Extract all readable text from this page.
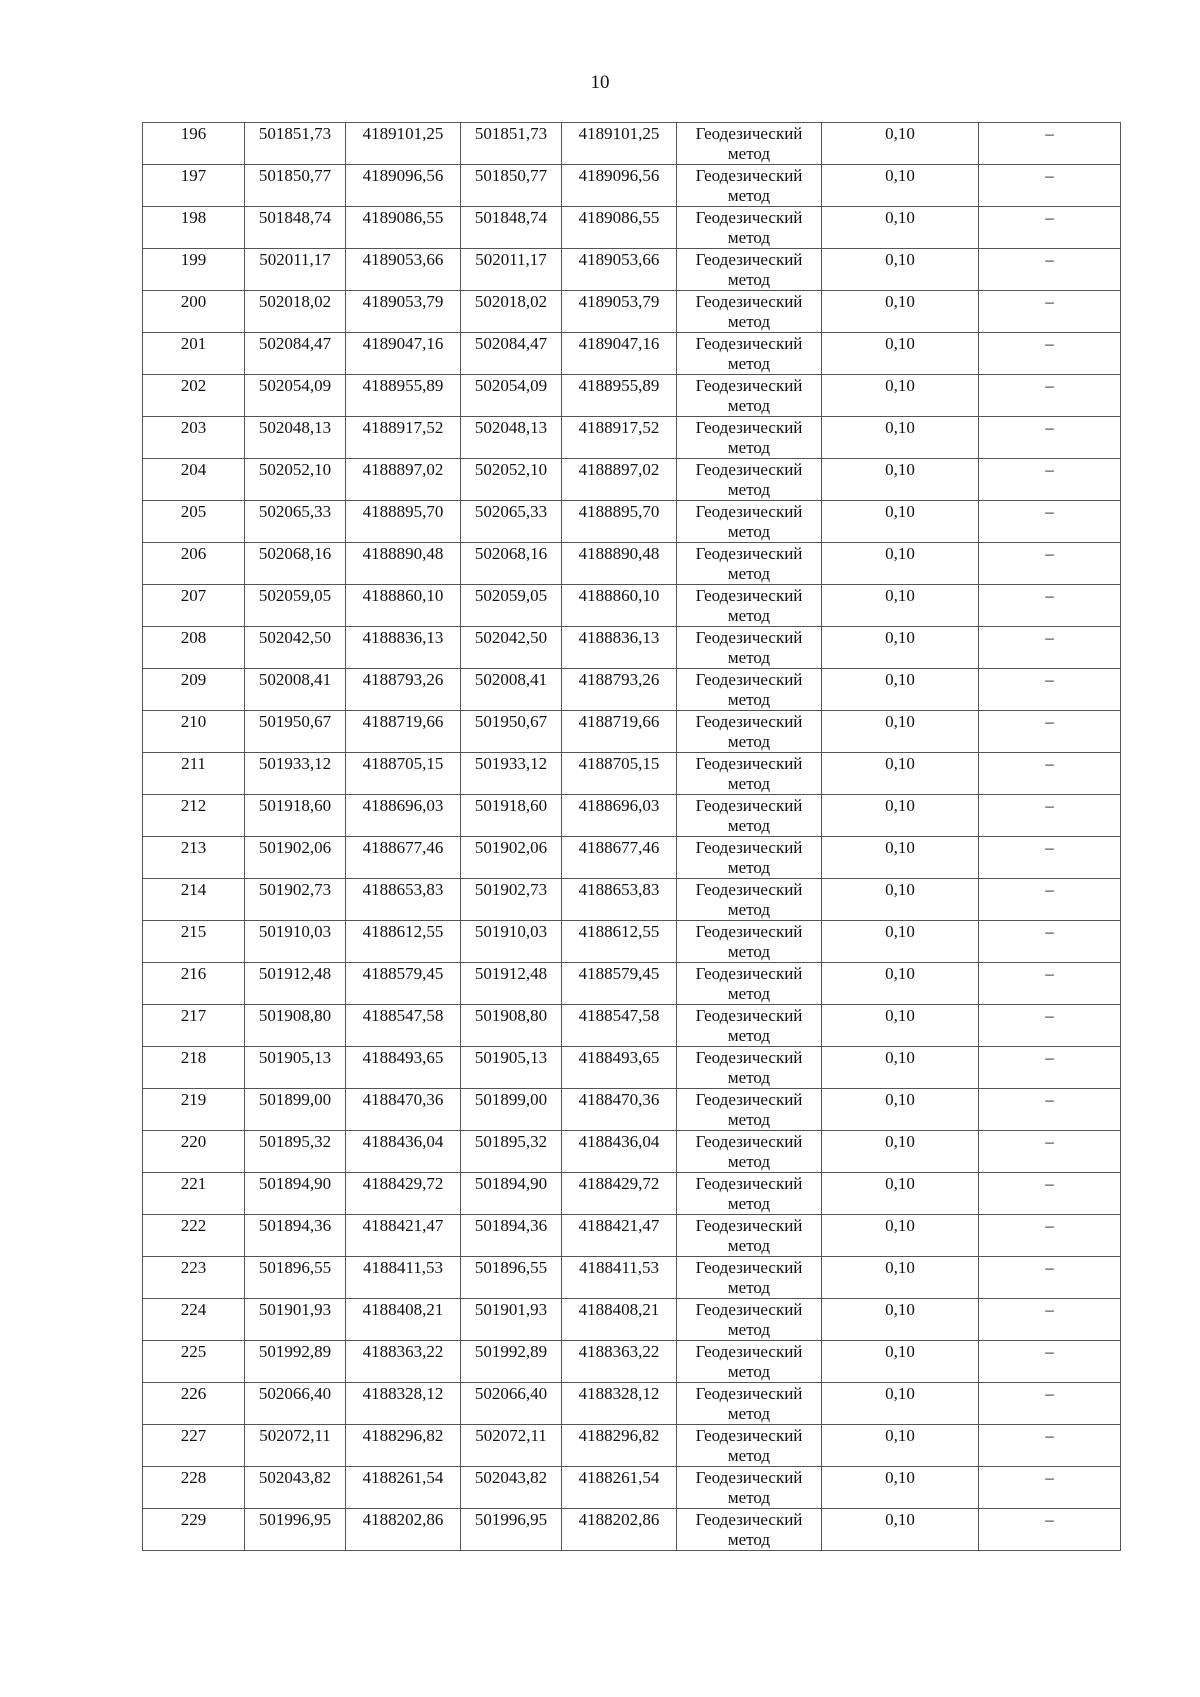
10
196	501851,73	4189101,25	501851,73	4189101,25	Геодезический
метод	0,10	–
197	501850,77	4189096,56	501850,77	4189096,56	Геодезический
метод	0,10	–
198	501848,74	4189086,55	501848,74	4189086,55	Геодезический
метод	0,10	–
199	502011,17	4189053,66	502011,17	4189053,66	Геодезический
метод	0,10	–
200	502018,02	4189053,79	502018,02	4189053,79	Геодезический
метод	0,10	–
201	502084,47	4189047,16	502084,47	4189047,16	Геодезический
метод	0,10	–
202	502054,09	4188955,89	502054,09	4188955,89	Геодезический
метод	0,10	–
203	502048,13	4188917,52	502048,13	4188917,52	Геодезический
метод	0,10	–
204	502052,10	4188897,02	502052,10	4188897,02	Геодезический
метод	0,10	–
205	502065,33	4188895,70	502065,33	4188895,70	Геодезический
метод	0,10	–
206	502068,16	4188890,48	502068,16	4188890,48	Геодезический
метод	0,10	–
207	502059,05	4188860,10	502059,05	4188860,10	Геодезический
метод	0,10	–
208	502042,50	4188836,13	502042,50	4188836,13	Геодезический
метод	0,10	–
209	502008,41	4188793,26	502008,41	4188793,26	Геодезический
метод	0,10	–
210	501950,67	4188719,66	501950,67	4188719,66	Геодезический
метод	0,10	–
211	501933,12	4188705,15	501933,12	4188705,15	Геодезический
метод	0,10	–
212	501918,60	4188696,03	501918,60	4188696,03	Геодезический
метод	0,10	–
213	501902,06	4188677,46	501902,06	4188677,46	Геодезический
метод	0,10	–
214	501902,73	4188653,83	501902,73	4188653,83	Геодезический
метод	0,10	–
215	501910,03	4188612,55	501910,03	4188612,55	Геодезический
метод	0,10	–
216	501912,48	4188579,45	501912,48	4188579,45	Геодезический
метод	0,10	–
217	501908,80	4188547,58	501908,80	4188547,58	Геодезический
метод	0,10	–
218	501905,13	4188493,65	501905,13	4188493,65	Геодезический
метод	0,10	–
219	501899,00	4188470,36	501899,00	4188470,36	Геодезический
метод	0,10	–
220	501895,32	4188436,04	501895,32	4188436,04	Геодезический
метод	0,10	–
221	501894,90	4188429,72	501894,90	4188429,72	Геодезический
метод	0,10	–
222	501894,36	4188421,47	501894,36	4188421,47	Геодезический
метод	0,10	–
223	501896,55	4188411,53	501896,55	4188411,53	Геодезический
метод	0,10	–
224	501901,93	4188408,21	501901,93	4188408,21	Геодезический
метод	0,10	–
225	501992,89	4188363,22	501992,89	4188363,22	Геодезический
метод	0,10	–
226	502066,40	4188328,12	502066,40	4188328,12	Геодезический
метод	0,10	–
227	502072,11	4188296,82	502072,11	4188296,82	Геодезический
метод	0,10	–
228	502043,82	4188261,54	502043,82	4188261,54	Геодезический
метод	0,10	–
229	501996,95	4188202,86	501996,95	4188202,86	Геодезический
метод	0,10	–
